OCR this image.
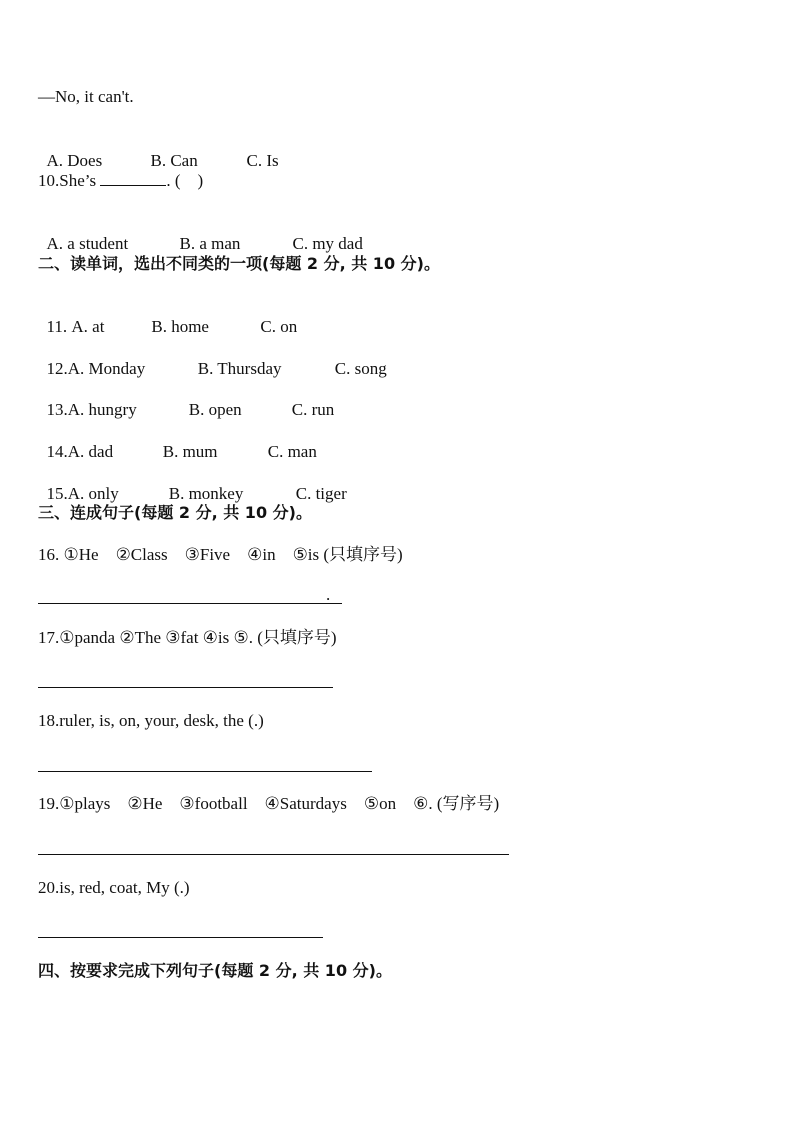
—No, it can't.

A. Does	B. Can	C. Is

10.She’s	. (    )

A. a student	B. a man	C. my dad

二、读单词，选出不同类的一项(每题 2 分, 共 10 分)。

11. A. at	B. home	C. on

12.A. Monday	B. Thursday	C. song

13.A. hungry	B. open	C. run

14.A. dad	B. mum	C. man

15.A. only	B. monkey	C. tiger

三、连成句子(每题 2 分, 共 10 分)。
16. ①He    ②Class    ③Five    ④in    ⑤is (只填序号)
.
17.①panda ②The ③fat ④is ⑤. (只填序号)
18.ruler, is, on, your, desk, the (.)
19.①plays    ②He    ③football    ④Saturdays    ⑤on    ⑥. (写序号)
20.is, red, coat, My (.)
四、按要求完成下列句子(每题 2 分, 共 10 分)。
